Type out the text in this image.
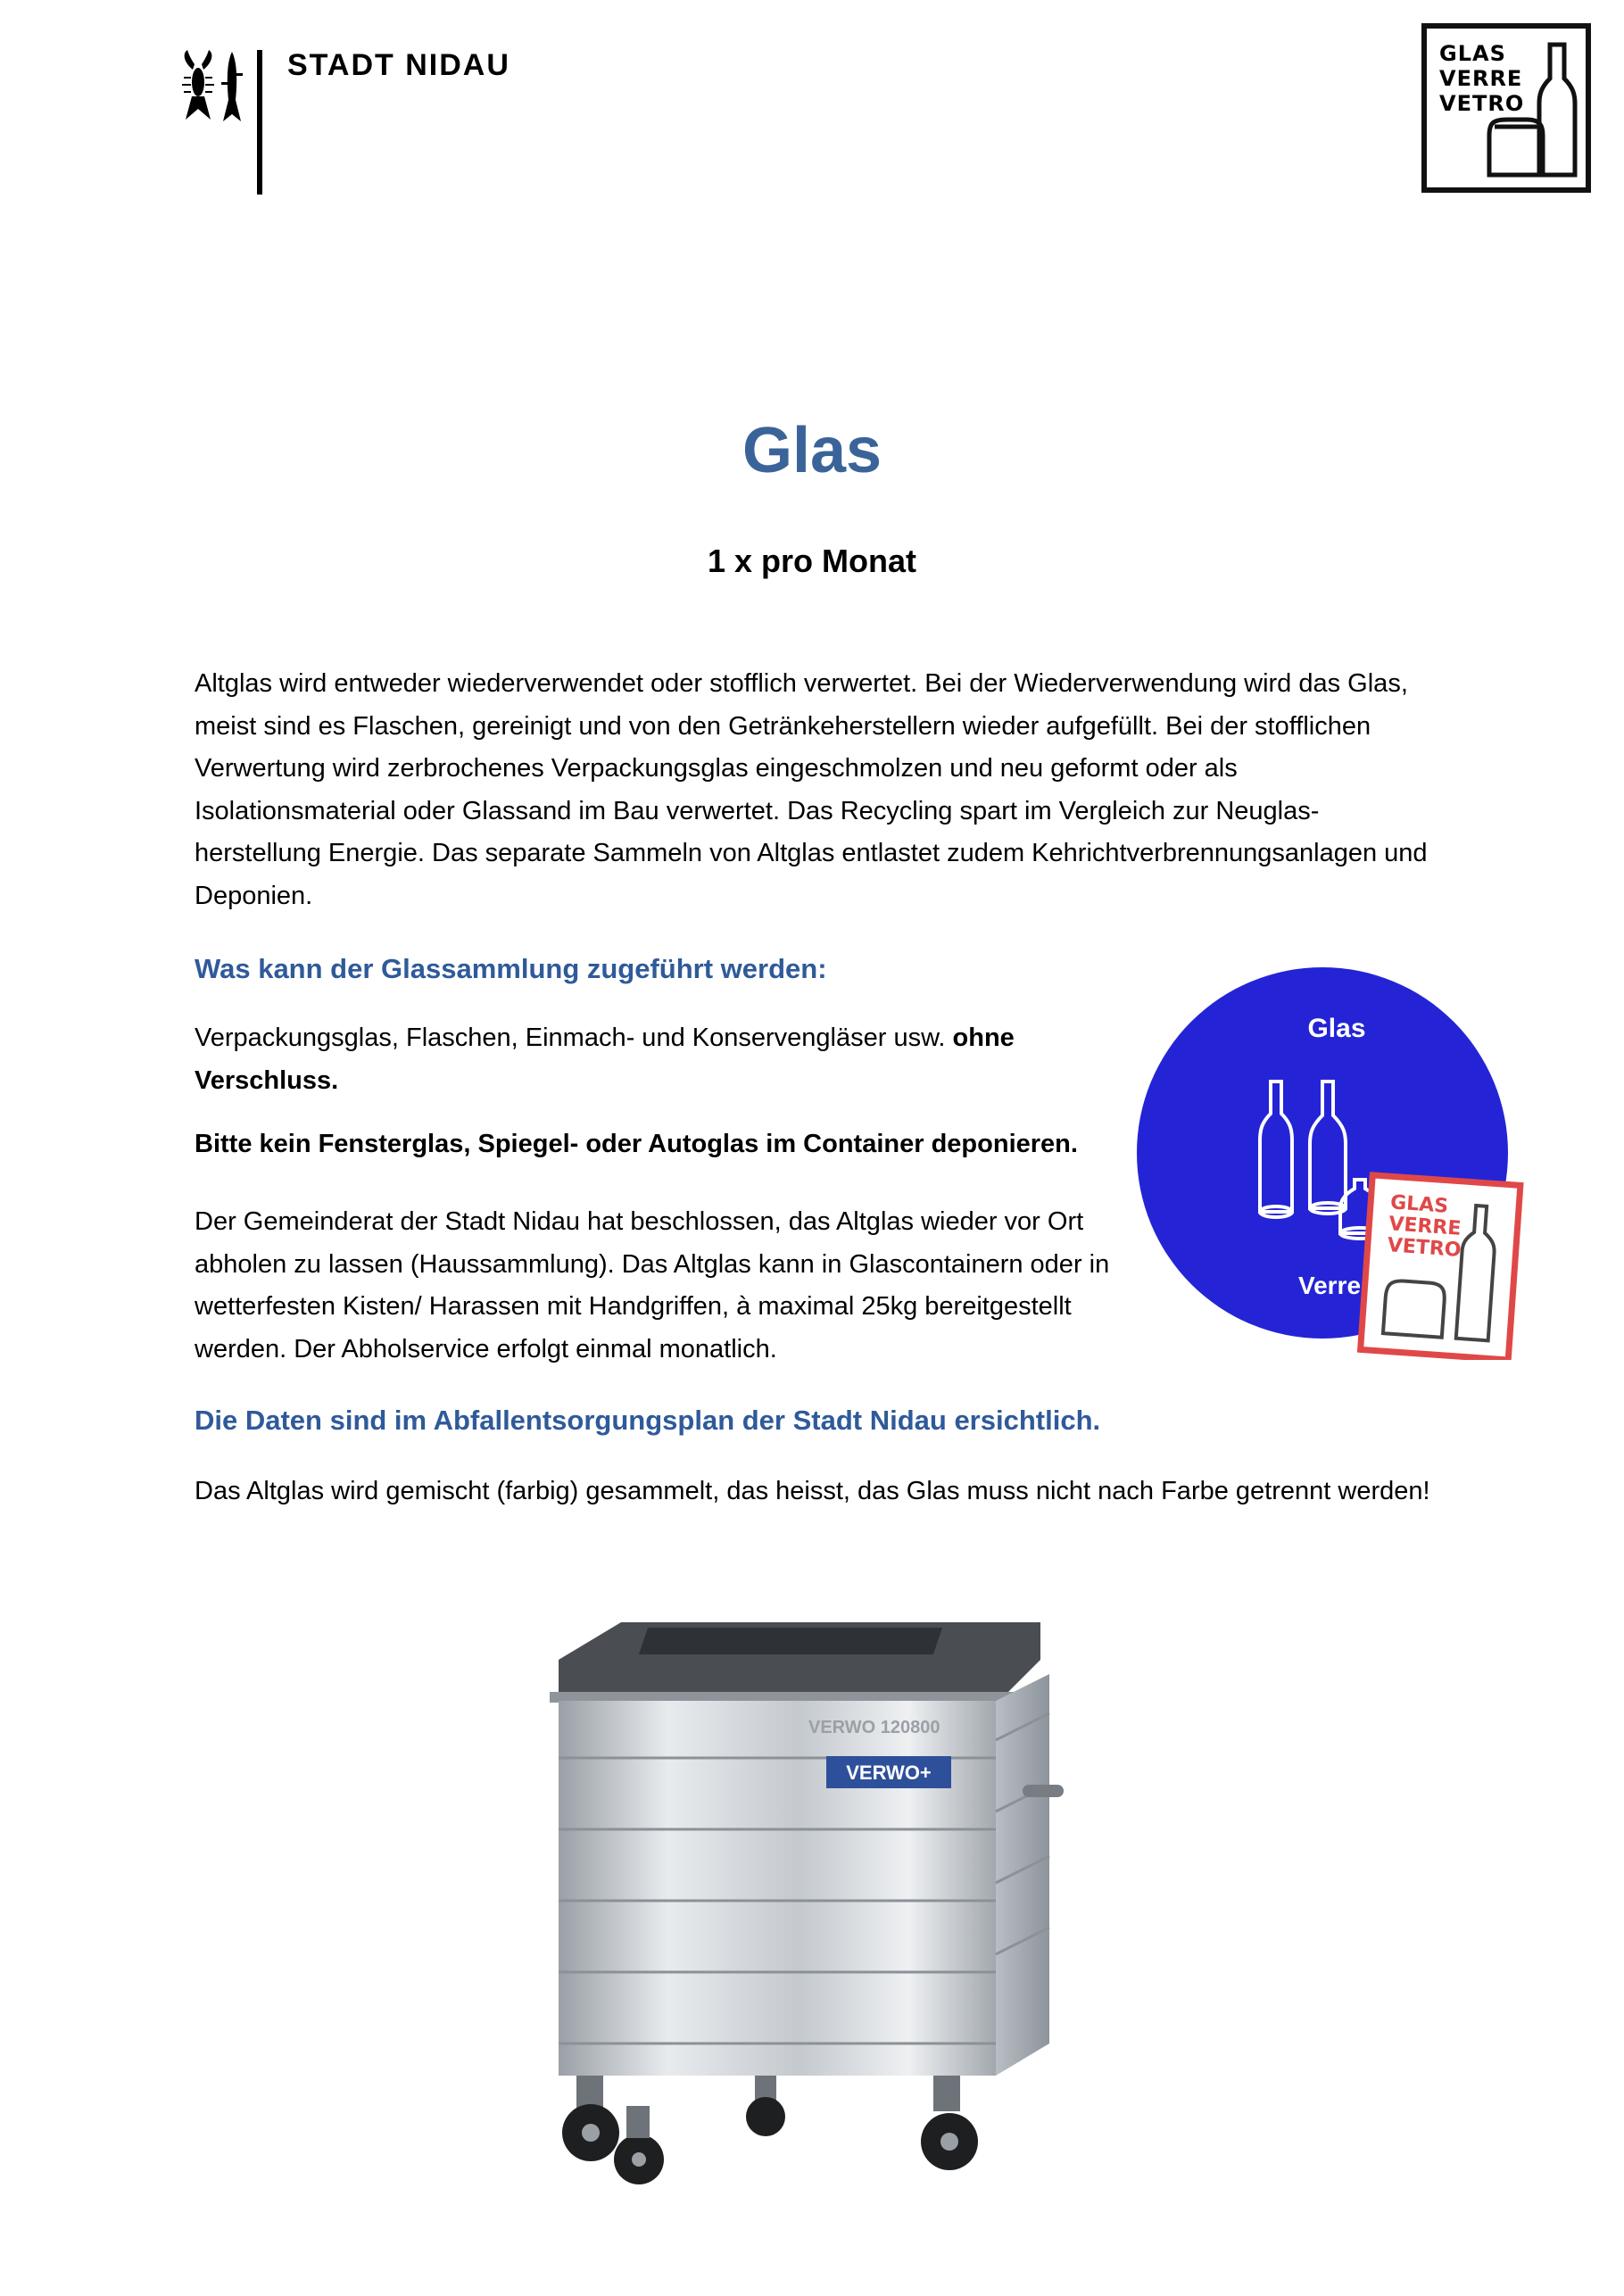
STADT NIDAU	GLAS
VERRE
VETRO
Glas
1 x pro Monat
Altglas wird entweder wiederverwendet oder stofflich verwertet. Bei der Wiederverwendung wird das Glas, meist sind es Flaschen, gereinigt und von den Getränkeherstellern wieder aufgefüllt. Bei der stofflichen Verwertung wird zerbrochenes Verpackungsglas eingeschmolzen und neu geformt oder als Isolationsmaterial oder Glassand im Bau verwertet. Das Recycling spart im Vergleich zur Neuglas-herstellung Energie. Das separate Sammeln von Altglas entlastet zudem Kehrichtverbrennungsanlagen und Deponien.
Was kann der Glassammlung zugeführt werden:
Verpackungsglas, Flaschen, Einmach- und Konservengläser usw. ohne Verschluss.
Bitte kein Fensterglas, Spiegel- oder Autoglas im Container deponieren.
Der Gemeinderat der Stadt Nidau hat beschlossen, das Altglas wieder vor Ort abholen zu lassen (Haussammlung). Das Altglas kann in Glascontainern oder in wetterfesten Kisten/ Harassen mit Handgriffen, à maximal 25kg bereitgestellt werden. Der Abholservice erfolgt einmal monatlich.
Glas
Verre
GLAS
VERRE
VETRO
Die Daten sind im Abfallentsorgungsplan der Stadt Nidau ersichtlich.
Das Altglas wird gemischt (farbig) gesammelt, das heisst, das Glas muss nicht nach Farbe getrennt werden!
VERWO 120800
VERWO+
